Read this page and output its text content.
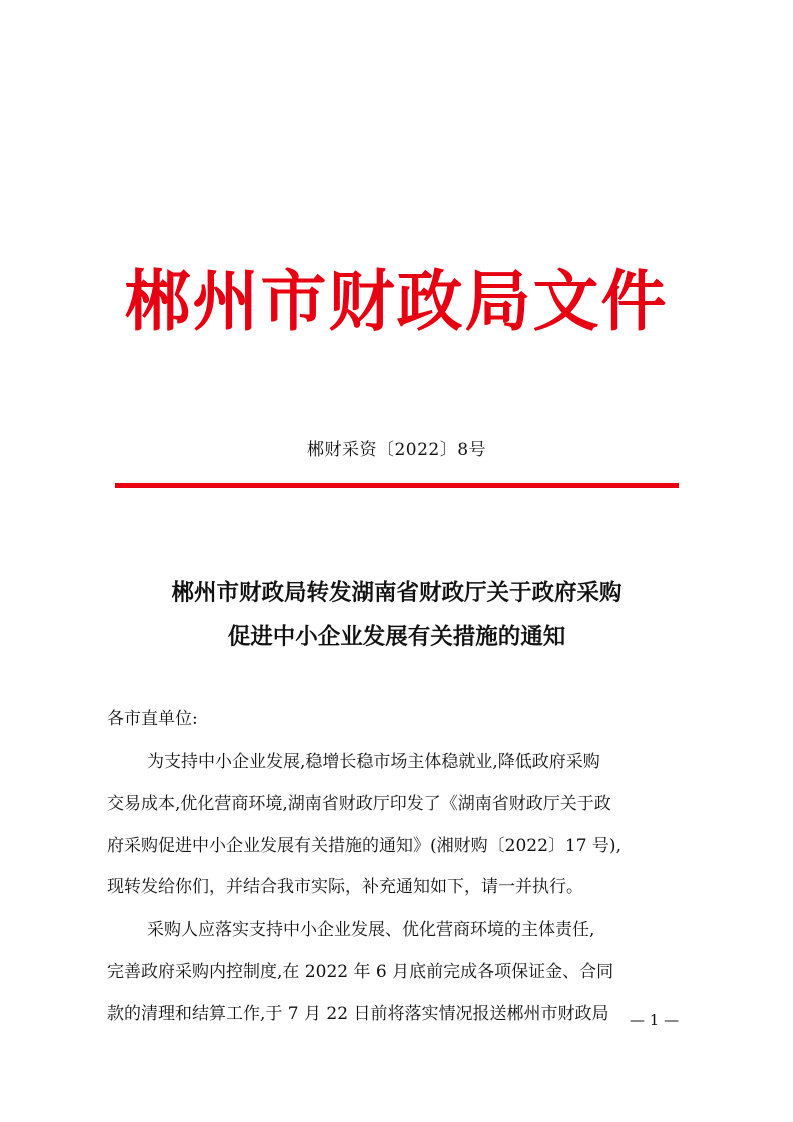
郴州市财政局文件
郴财采资〔2022〕8号
郴州市财政局转发湖南省财政厅关于政府采购
促进中小企业发展有关措施的通知
各市直单位:
为支持中小企业发展,稳增长稳市场主体稳就业,降低政府采购
交易成本,优化营商环境,湖南省财政厅印发了《湖南省财政厅关于政
府采购促进中小企业发展有关措施的通知》(湘财购〔2022〕17 号),
现转发给你们，并结合我市实际，补充通知如下，请一并执行。
采购人应落实支持中小企业发展、优化营商环境的主体责任,
完善政府采购内控制度,在 2022 年 6 月底前完成各项保证金、合同
款的清理和结算工作,于 7 月 22 日前将落实情况报送郴州市财政局 — 1 —
